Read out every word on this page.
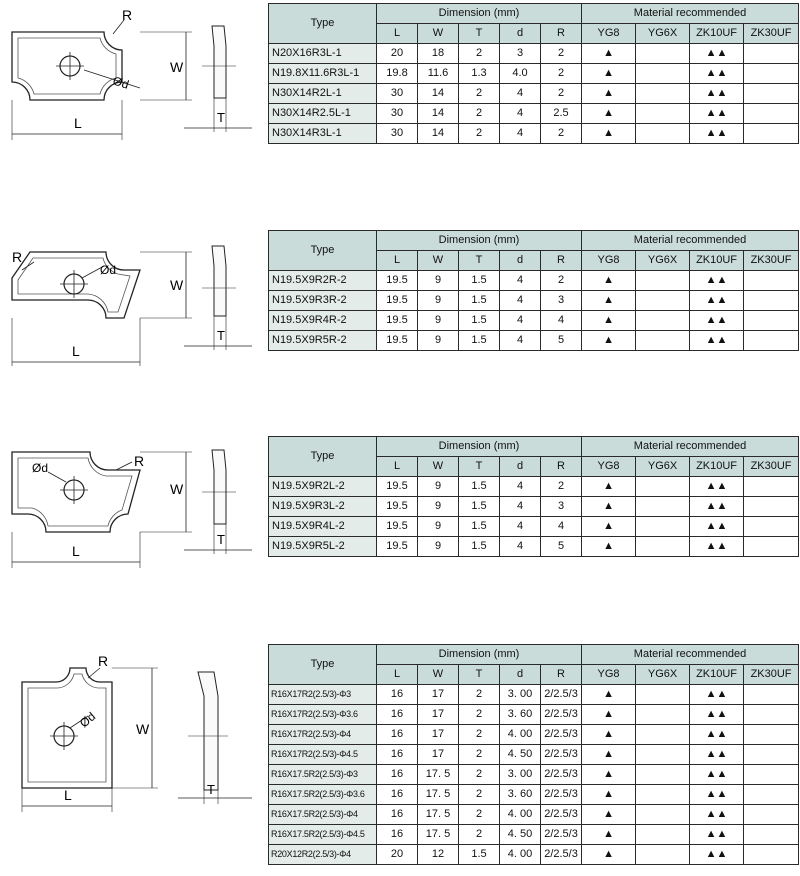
Ød
R
W
L	T
Type	Dimension (mm)					Material recommended			
	L	W	T	d	R	YG8	YG6X	ZK10UF	ZK30UF
N20X16R3L-1	20	18	2	3	2	▲		▲▲	
N19.8X11.6R3L-1	19.8	11.6	1.3	4.0	2	▲		▲▲	
N30X14R2L-1	30	14	2	4	2	▲		▲▲	
N30X14R2.5L-1	30	14	2	4	2.5	▲		▲▲	
N30X14R3L-1	30	14	2	4	2	▲		▲▲	
Ød
R
W
L
T
Type	Dimension (mm)					Material recommended			
	L	W	T	d	R	YG8	YG6X	ZK10UF	ZK30UF
N19.5X9R2R-2	19.5	9	1.5	4	2	▲		▲▲	
N19.5X9R3R-2	19.5	9	1.5	4	3	▲		▲▲	
N19.5X9R4R-2	19.5	9	1.5	4	4	▲		▲▲	
N19.5X9R5R-2	19.5	9	1.5	4	5	▲		▲▲	
Ød	R
W
L
T
Type	Dimension (mm)					Material recommended			
	L	W	T	d	R	YG8	YG6X	ZK10UF	ZK30UF
N19.5X9R2L-2	19.5	9	1.5	4	2	▲		▲▲	
N19.5X9R3L-2	19.5	9	1.5	4	3	▲		▲▲	
N19.5X9R4L-2	19.5	9	1.5	4	4	▲		▲▲	
N19.5X9R5L-2	19.5	9	1.5	4	5	▲		▲▲	
Ød
R
W
L	T
Type	Dimension (mm)					Material recommended			
	L	W	T	d	R	YG8	YG6X	ZK10UF	ZK30UF
R16X17R2(2.5/3)-Φ3	16	17	2	3. 00	2/2.5/3	▲		▲▲	
R16X17R2(2.5/3)-Φ3.6	16	17	2	3. 60	2/2.5/3	▲		▲▲	
R16X17R2(2.5/3)-Φ4	16	17	2	4. 00	2/2.5/3	▲		▲▲	
R16X17R2(2.5/3)-Φ4.5	16	17	2	4. 50	2/2.5/3	▲		▲▲	
R16X17.5R2(2.5/3)-Φ3	16	17. 5	2	3. 00	2/2.5/3	▲		▲▲	
R16X17.5R2(2.5/3)-Φ3.6	16	17. 5	2	3. 60	2/2.5/3	▲		▲▲	
R16X17.5R2(2.5/3)-Φ4	16	17. 5	2	4. 00	2/2.5/3	▲		▲▲	
R16X17.5R2(2.5/3)-Φ4.5	16	17. 5	2	4. 50	2/2.5/3	▲		▲▲	
R20X12R2(2.5/3)-Φ4	20	12	1.5	4. 00	2/2.5/3	▲		▲▲	
